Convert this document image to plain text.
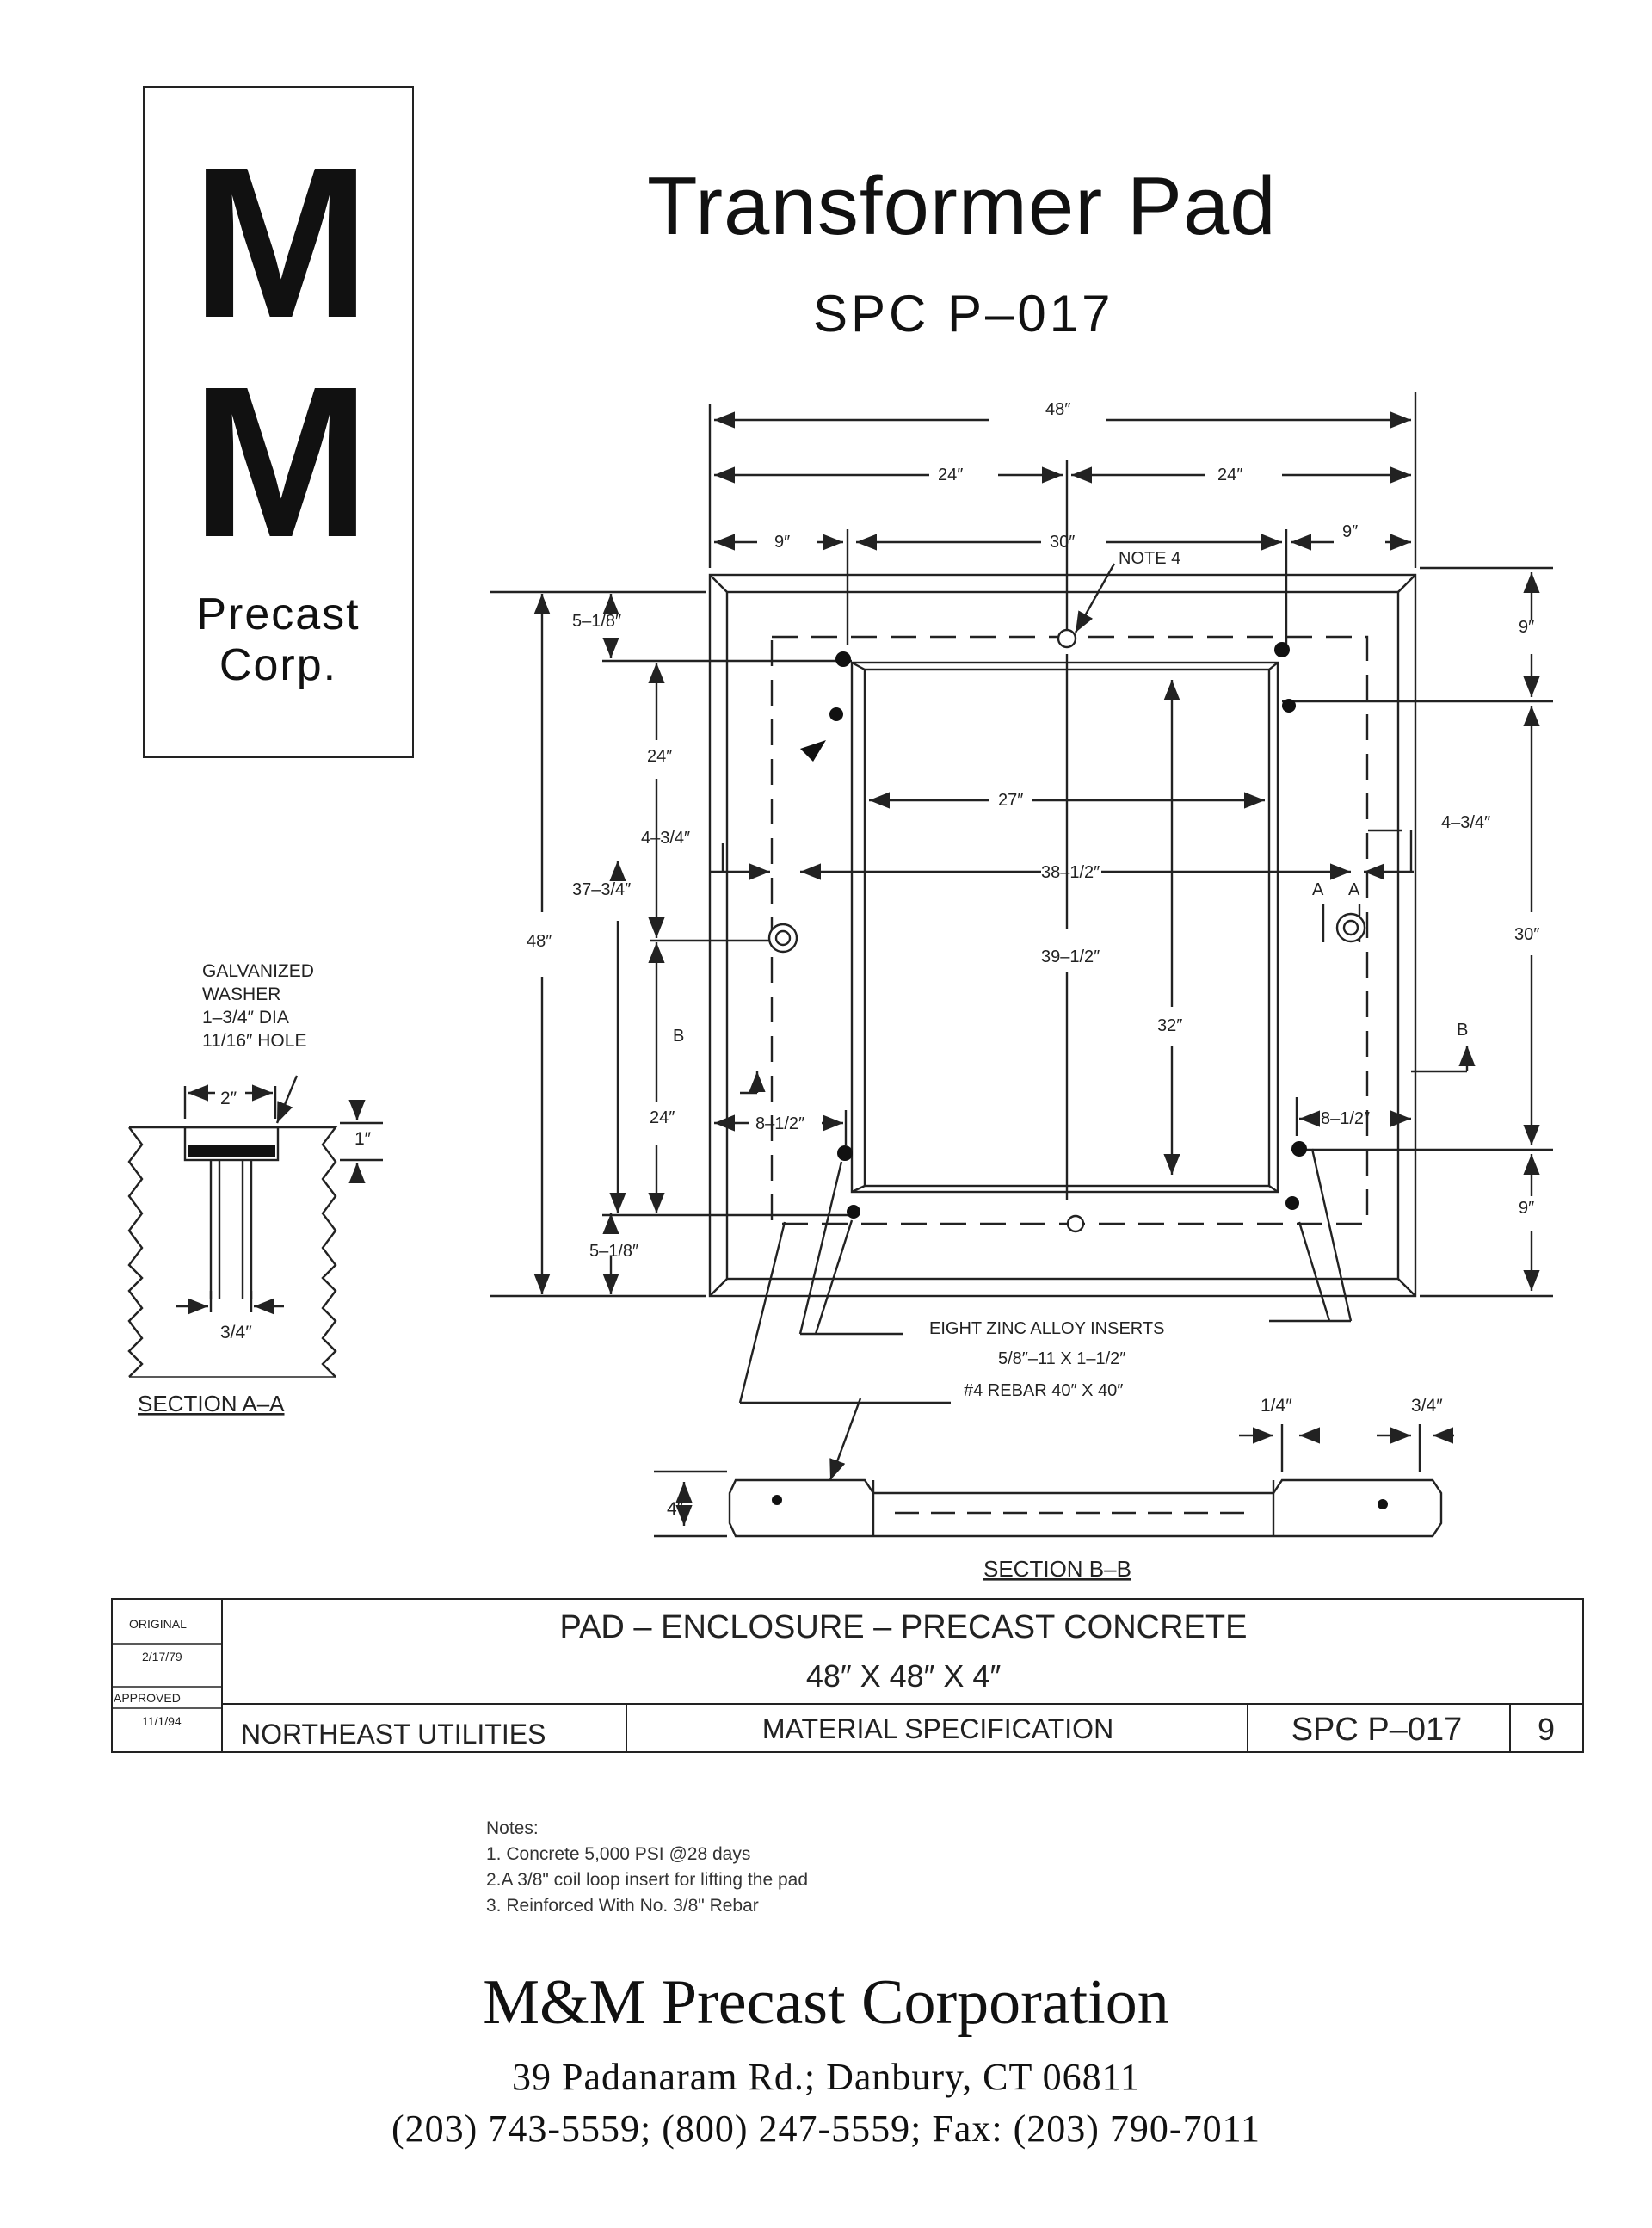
M
M
Precast
Corp.
Transformer Pad
SPC P–017
48″
24″	24″
9″	30″
9″
NOTE 4
5–1/8″
24″
4–3/4″
37–3/4″
48″
24″
5–1/8″
8–1/2″
27″
38–1/2″
39–1/2″
32″
8–1/2″
4–3/4″
9″
30″
9″
A A
B	B
EIGHT ZINC ALLOY INSERTS
5/8″–11 X 1–1/2″
#4 REBAR 40″ X 40″
GALVANIZED
WASHER
1–3/4″ DIA
11/16″ HOLE
2″
1″
3/4″
SECTION A–A
4″
1/4″	3/4″
SECTION B–B
ORIGINAL
2/17/79
APPROVED
11/1/94
PAD – ENCLOSURE – PRECAST CONCRETE
48″ X 48″ X 4″
NORTHEAST UTILITIES	MATERIAL SPECIFICATION	SPC P–017 9
Notes:
1. Concrete 5,000 PSI @28 days
2.A 3/8" coil loop insert for lifting the pad
3. Reinforced With No. 3/8" Rebar
M&M Precast Corporation
39 Padanaram Rd.; Danbury, CT 06811
(203) 743-5559; (800) 247-5559; Fax: (203) 790-7011
